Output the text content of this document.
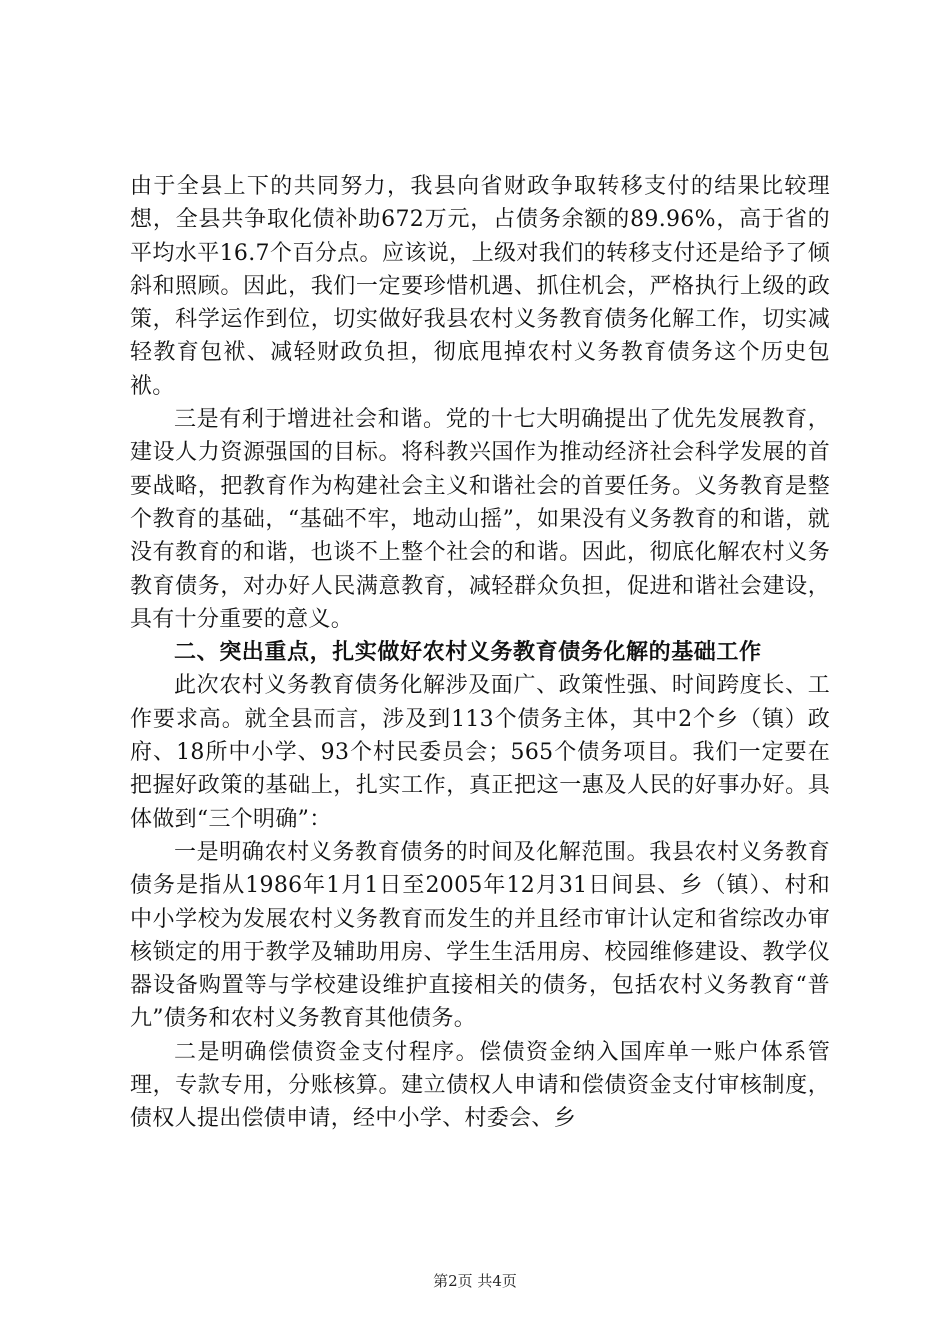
由于全县上下的共同努力，我县向省财政争取转移支付的结果比较理想，全县共争取化债补助672万元，占债务余额的89.96%，高于省的平均水平16.7个百分点。应该说，上级对我们的转移支付还是给予了倾斜和照顾。因此，我们一定要珍惜机遇、抓住机会，严格执行上级的政策，科学运作到位，切实做好我县农村义务教育债务化解工作，切实减轻教育包袱、减轻财政负担，彻底甩掉农村义务教育债务这个历史包袱。

三是有利于增进社会和谐。党的十七大明确提出了优先发展教育，建设人力资源强国的目标。将科教兴国作为推动经济社会科学发展的首要战略，把教育作为构建社会主义和谐社会的首要任务。义务教育是整个教育的基础，“基础不牢，地动山摇”，如果没有义务教育的和谐，就没有教育的和谐，也谈不上整个社会的和谐。因此，彻底化解农村义务教育债务，对办好人民满意教育，减轻群众负担，促进和谐社会建设，具有十分重要的意义。

二、突出重点，扎实做好农村义务教育债务化解的基础工作

此次农村义务教育债务化解涉及面广、政策性强、时间跨度长、工作要求高。就全县而言，涉及到113个债务主体，其中2个乡（镇）政府、18所中小学、93个村民委员会；565个债务项目。我们一定要在把握好政策的基础上，扎实工作，真正把这一惠及人民的好事办好。具体做到“三个明确”：

一是明确农村义务教育债务的时间及化解范围。我县农村义务教育债务是指从1986年1月1日至2005年12月31日间县、乡（镇）、村和中小学校为发展农村义务教育而发生的并且经市审计认定和省综改办审核锁定的用于教学及辅助用房、学生生活用房、校园维修建设、教学仪器设备购置等与学校建设维护直接相关的债务，包括农村义务教育“普九”债务和农村义务教育其他债务。

二是明确偿债资金支付程序。偿债资金纳入国库单一账户体系管理，专款专用，分账核算。建立债权人申请和偿债资金支付审核制度，债权人提出偿债申请，经中小学、村委会、乡

第2页 共4页
